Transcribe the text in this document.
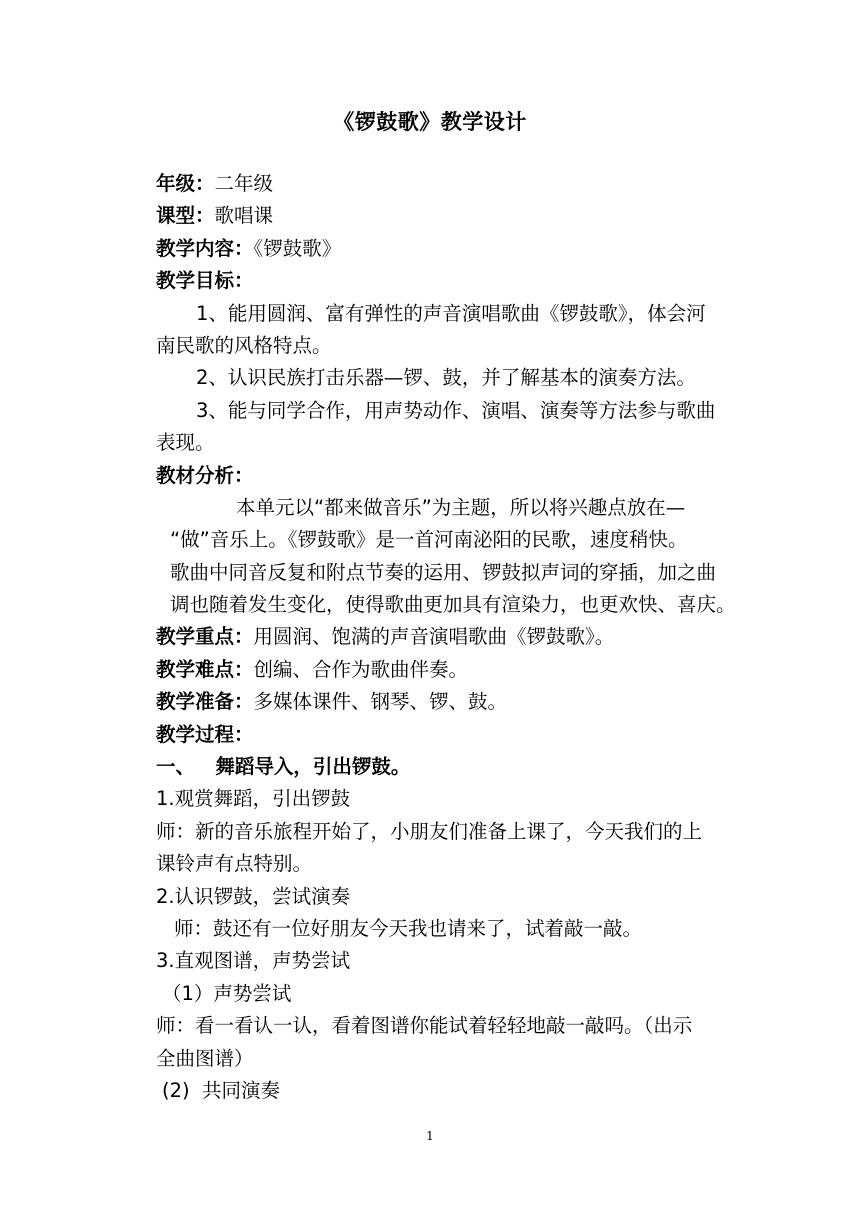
《锣鼓歌》教学设计
年级：二年级
课型：歌唱课
教学内容：《锣鼓歌》
教学目标：
1、能用圆润、富有弹性的声音演唱歌曲《锣鼓歌》，体会河
南民歌的风格特点。
2、认识民族打击乐器—锣、鼓，并了解基本的演奏方法。
3、能与同学合作，用声势动作、演唱、演奏等方法参与歌曲
表现。
教材分析：
本单元以“都来做音乐”为主题，所以将兴趣点放在—
“做”音乐上。《锣鼓歌》是一首河南泌阳的民歌，速度稍快。
歌曲中同音反复和附点节奏的运用、锣鼓拟声词的穿插，加之曲
调也随着发生变化，使得歌曲更加具有渲染力，也更欢快、喜庆。
教学重点：用圆润、饱满的声音演唱歌曲《锣鼓歌》。
教学难点：创编、合作为歌曲伴奏。
教学准备：多媒体课件、钢琴、锣、鼓。
教学过程：
一、   舞蹈导入，引出锣鼓。
1.观赏舞蹈，引出锣鼓
师：新的音乐旅程开始了，小朋友们准备上课了，今天我们的上
课铃声有点特别。
2.认识锣鼓，尝试演奏
师：鼓还有一位好朋友今天我也请来了，试着敲一敲。
3.直观图谱，声势尝试
（1）声势尝试
师：看一看认一认，看着图谱你能试着轻轻地敲一敲吗。（出示
全曲图谱）
(2)  共同演奏
1
